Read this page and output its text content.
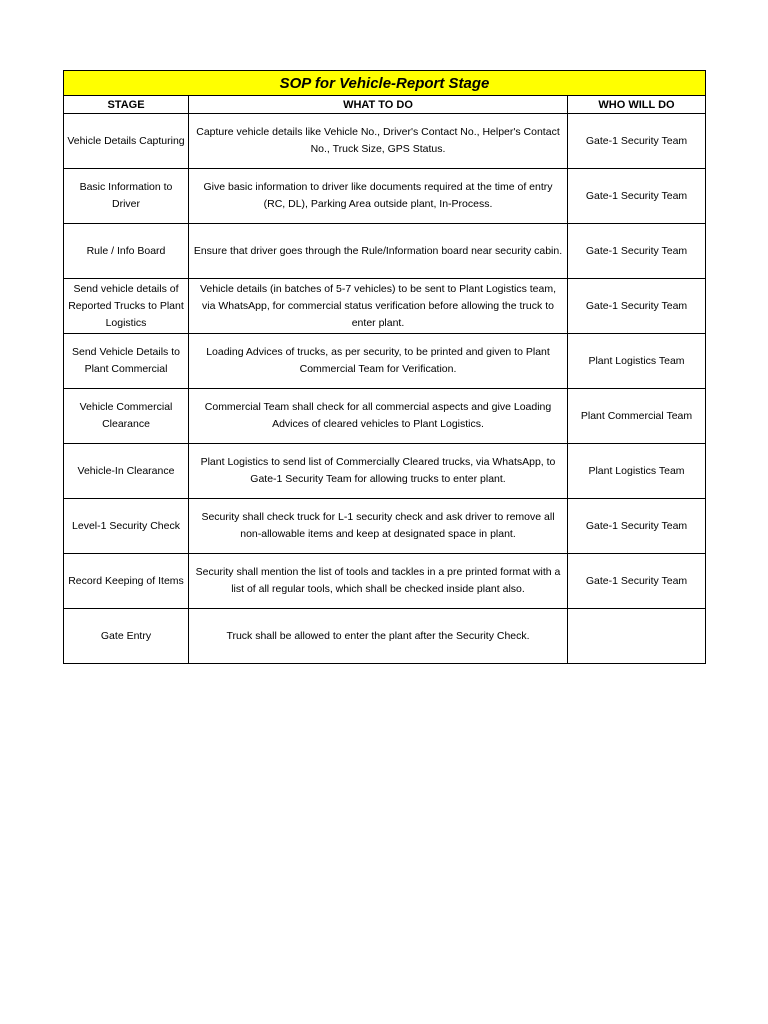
SOP for Vehicle-Report Stage		
STAGE	WHAT TO DO	WHO WILL DO
Vehicle Details Capturing	Capture vehicle details like Vehicle No., Driver's Contact No., Helper's Contact No., Truck Size, GPS Status.	Gate-1 Security Team
Basic Information to Driver	Give basic information to driver like documents required at the time of entry (RC, DL), Parking Area outside plant, In-Process.	Gate-1 Security Team
Rule / Info Board	Ensure that driver goes through the Rule/Information board near security cabin.	Gate-1 Security Team
Send vehicle details of Reported Trucks to Plant Logistics	Vehicle details (in batches of 5-7 vehicles) to be sent to Plant Logistics team, via WhatsApp, for commercial status verification before allowing the truck to enter plant.	Gate-1 Security Team
Send Vehicle Details to Plant Commercial	Loading Advices of trucks, as per security, to be printed and given to Plant Commercial Team for Verification.	Plant Logistics Team
Vehicle Commercial Clearance	Commercial Team shall check for all commercial aspects and give Loading Advices of cleared vehicles to Plant Logistics.	Plant Commercial Team
Vehicle-In Clearance	Plant Logistics to send list of Commercially Cleared trucks, via WhatsApp, to Gate-1 Security Team for allowing trucks to enter plant.	Plant Logistics Team
Level-1 Security Check	Security shall check truck for L-1 security check and ask driver to remove all non-allowable items and keep at designated space in plant.	Gate-1 Security Team
Record Keeping of Items	Security shall mention the list of tools and tackles in a pre printed format with a list of all regular tools, which shall be checked inside plant also.	Gate-1 Security Team
Gate Entry	Truck shall be allowed to enter the plant after the Security Check.	
